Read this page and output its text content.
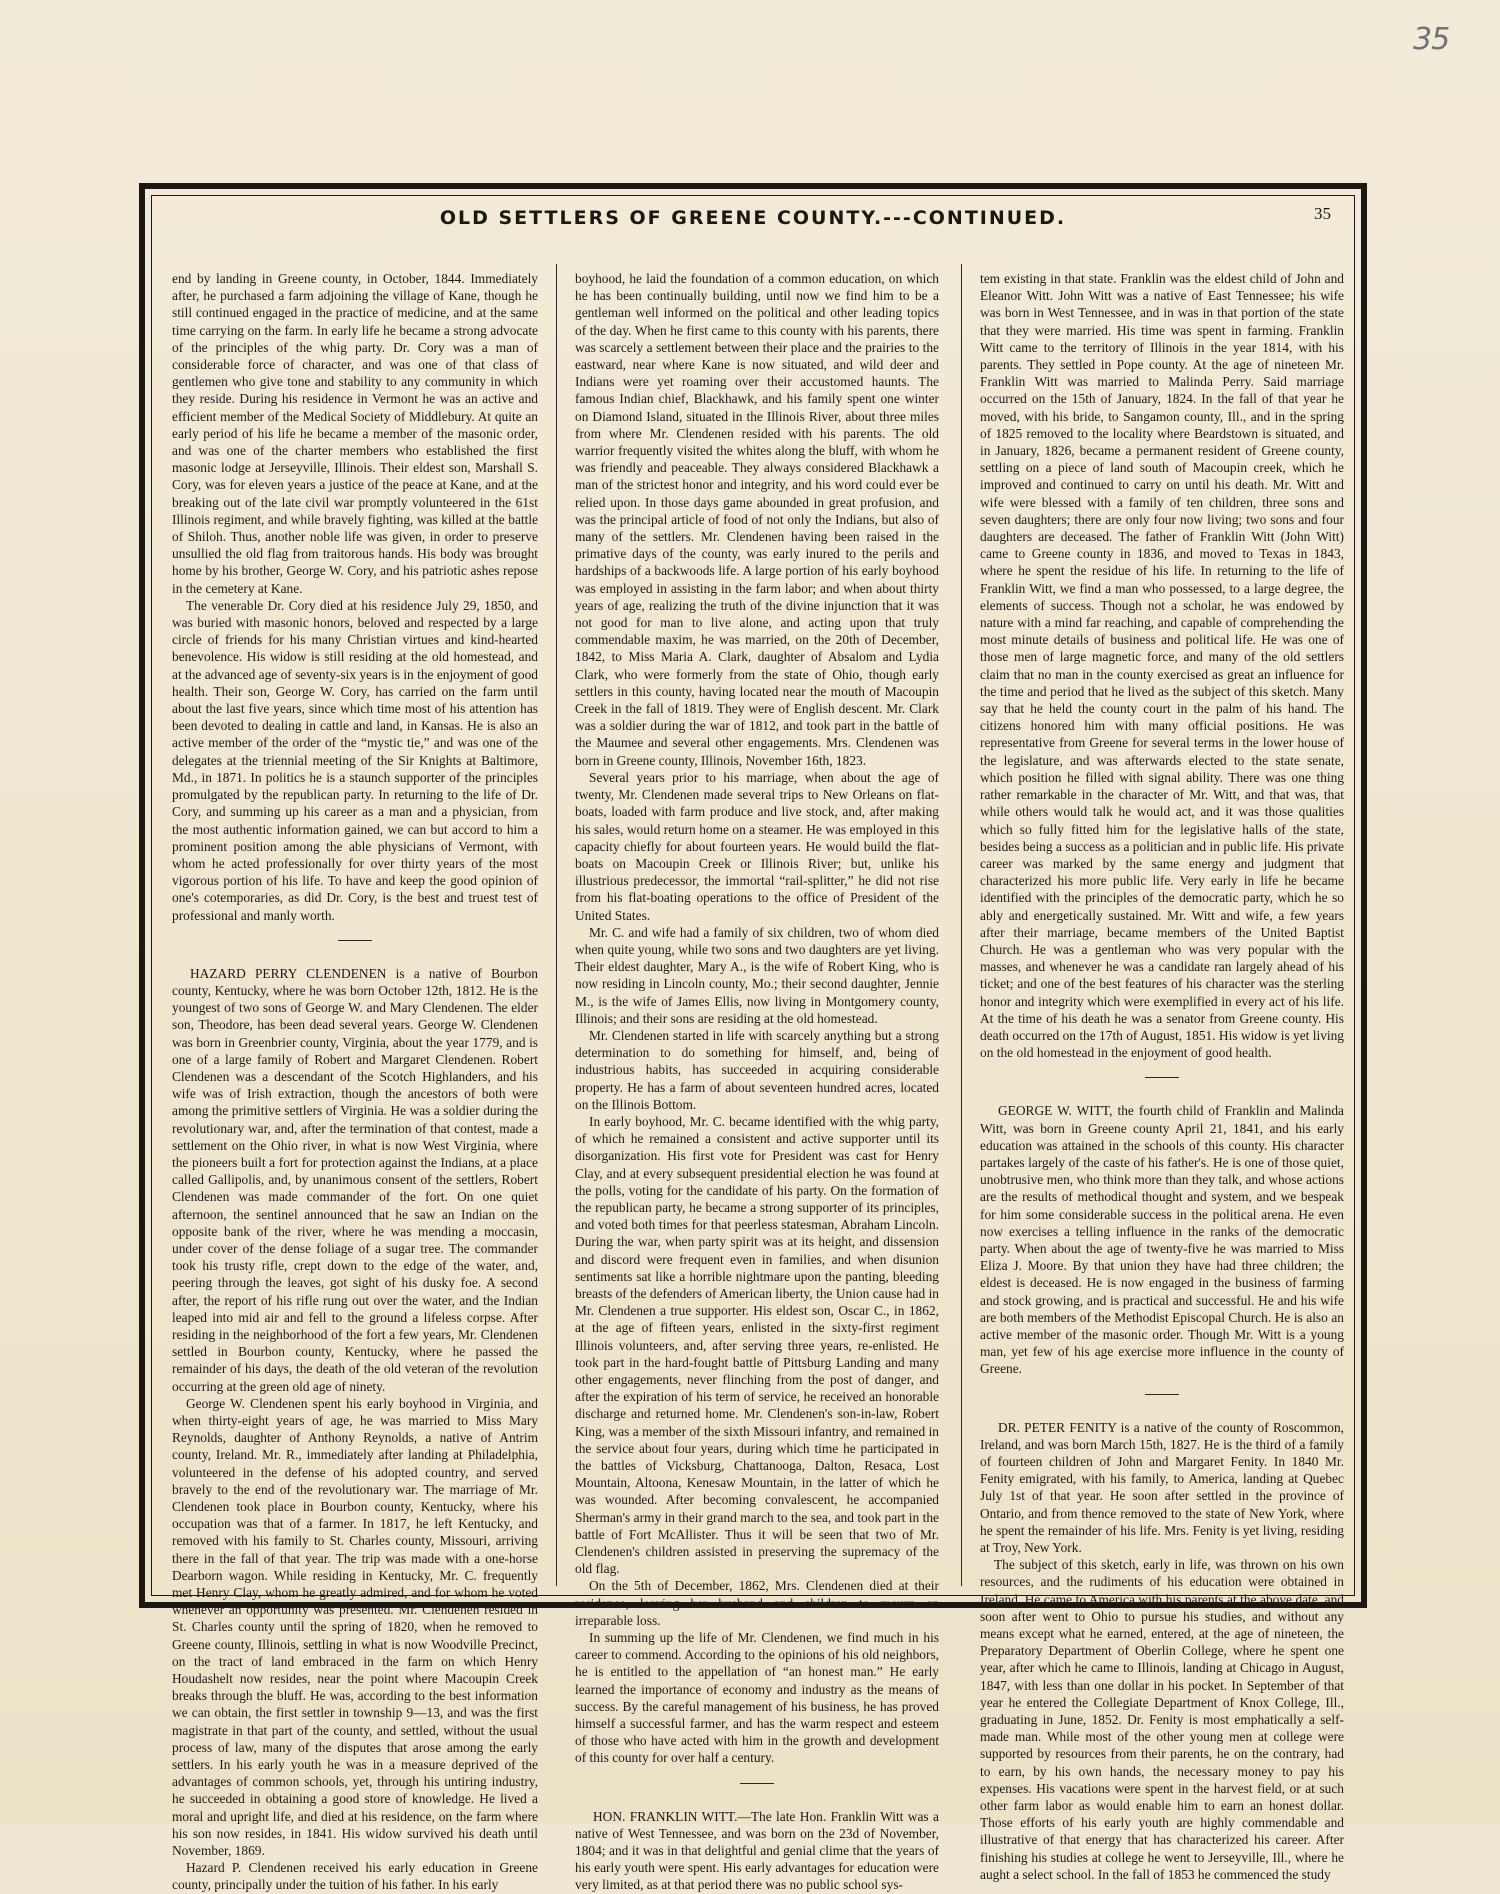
35
OLD SETTLERS OF GREENE COUNTY.---CONTINUED.	35

end by landing in Greene county, in October, 1844. Immediately after, he purchased a farm adjoining the village of Kane, though he still continued engaged in the practice of medicine, and at the same time carrying on the farm. In early life he became a strong advocate of the principles of the whig party. Dr. Cory was a man of considerable force of character, and was one of that class of gentlemen who give tone and stability to any community in which they reside. During his residence in Vermont he was an active and efficient member of the Medical Society of Middlebury. At quite an early period of his life he became a member of the masonic order, and was one of the charter members who established the first masonic lodge at Jerseyville, Illinois. Their eldest son, Marshall S. Cory, was for eleven years a justice of the peace at Kane, and at the breaking out of the late civil war promptly volunteered in the 61st Illinois regiment, and while bravely fighting, was killed at the battle of Shiloh. Thus, another noble life was given, in order to preserve unsullied the old flag from traitorous hands. His body was brought home by his brother, George W. Cory, and his patriotic ashes repose in the cemetery at Kane.

The venerable Dr. Cory died at his residence July 29, 1850, and was buried with masonic honors, beloved and respected by a large circle of friends for his many Christian virtues and kind-hearted benevolence. His widow is still residing at the old homestead, and at the advanced age of seventy-six years is in the enjoyment of good health. Their son, George W. Cory, has carried on the farm until about the last five years, since which time most of his attention has been devoted to dealing in cattle and land, in Kansas. He is also an active member of the order of the “mystic tie,” and was one of the delegates at the triennial meeting of the Sir Knights at Baltimore, Md., in 1871. In politics he is a staunch supporter of the principles promulgated by the republican party. In returning to the life of Dr. Cory, and summing up his career as a man and a physician, from the most authentic information gained, we can but accord to him a prominent position among the able physicians of Vermont, with whom he acted professionally for over thirty years of the most vigorous portion of his life. To have and keep the good opinion of one's cotemporaries, as did Dr. Cory, is the best and truest test of professional and manly worth.

HAZARD PERRY CLENDENEN is a native of Bourbon county, Kentucky, where he was born October 12th, 1812. He is the youngest of two sons of George W. and Mary Clendenen. The elder son, Theodore, has been dead several years. George W. Clendenen was born in Greenbrier county, Virginia, about the year 1779, and is one of a large family of Robert and Margaret Clendenen. Robert Clendenen was a descendant of the Scotch Highlanders, and his wife was of Irish extraction, though the ancestors of both were among the primitive settlers of Virginia. He was a soldier during the revolutionary war, and, after the termination of that contest, made a settlement on the Ohio river, in what is now West Virginia, where the pioneers built a fort for protection against the Indians, at a place called Gallipolis, and, by unanimous consent of the settlers, Robert Clendenen was made commander of the fort. On one quiet afternoon, the sentinel announced that he saw an Indian on the opposite bank of the river, where he was mending a moccasin, under cover of the dense foliage of a sugar tree. The commander took his trusty rifle, crept down to the edge of the water, and, peering through the leaves, got sight of his dusky foe. A second after, the report of his rifle rung out over the water, and the Indian leaped into mid air and fell to the ground a lifeless corpse. After residing in the neighborhood of the fort a few years, Mr. Clendenen settled in Bourbon county, Kentucky, where he passed the remainder of his days, the death of the old veteran of the revolution occurring at the green old age of ninety.

George W. Clendenen spent his early boyhood in Virginia, and when thirty-eight years of age, he was married to Miss Mary Reynolds, daughter of Anthony Reynolds, a native of Antrim county, Ireland. Mr. R., immediately after landing at Philadelphia, volunteered in the defense of his adopted country, and served bravely to the end of the revolutionary war. The marriage of Mr. Clendenen took place in Bourbon county, Kentucky, where his occupation was that of a farmer. In 1817, he left Kentucky, and removed with his family to St. Charles county, Missouri, arriving there in the fall of that year. The trip was made with a one-horse Dearborn wagon. While residing in Kentucky, Mr. C. frequently met Henry Clay, whom he greatly admired, and for whom he voted whenever an opportunity was presented. Mr. Clendenen resided in St. Charles county until the spring of 1820, when he removed to Greene county, Illinois, settling in what is now Woodville Precinct, on the tract of land embraced in the farm on which Henry Houdashelt now resides, near the point where Macoupin Creek breaks through the bluff. He was, according to the best information we can obtain, the first settler in township 9—13, and was the first magistrate in that part of the county, and settled, without the usual process of law, many of the disputes that arose among the early settlers. In his early youth he was in a measure deprived of the advantages of common schools, yet, through his untiring industry, he succeeded in obtaining a good store of knowledge. He lived a moral and upright life, and died at his residence, on the farm where his son now resides, in 1841. His widow survived his death until November, 1869.

Hazard P. Clendenen received his early education in Greene county, principally under the tuition of his father. In his early

boyhood, he laid the foundation of a common education, on which he has been continually building, until now we find him to be a gentleman well informed on the political and other leading topics of the day. When he first came to this county with his parents, there was scarcely a settlement between their place and the prairies to the eastward, near where Kane is now situated, and wild deer and Indians were yet roaming over their accustomed haunts. The famous Indian chief, Blackhawk, and his family spent one winter on Diamond Island, situated in the Illinois River, about three miles from where Mr. Clendenen resided with his parents. The old warrior frequently visited the whites along the bluff, with whom he was friendly and peaceable. They always considered Blackhawk a man of the strictest honor and integrity, and his word could ever be relied upon. In those days game abounded in great profusion, and was the principal article of food of not only the Indians, but also of many of the settlers. Mr. Clendenen having been raised in the primative days of the county, was early inured to the perils and hardships of a backwoods life. A large portion of his early boyhood was employed in assisting in the farm labor; and when about thirty years of age, realizing the truth of the divine injunction that it was not good for man to live alone, and acting upon that truly commendable maxim, he was married, on the 20th of December, 1842, to Miss Maria A. Clark, daughter of Absalom and Lydia Clark, who were formerly from the state of Ohio, though early settlers in this county, having located near the mouth of Macoupin Creek in the fall of 1819. They were of English descent. Mr. Clark was a soldier during the war of 1812, and took part in the battle of the Maumee and several other engagements. Mrs. Clendenen was born in Greene county, Illinois, November 16th, 1823.

Several years prior to his marriage, when about the age of twenty, Mr. Clendenen made several trips to New Orleans on flat-boats, loaded with farm produce and live stock, and, after making his sales, would return home on a steamer. He was employed in this capacity chiefly for about fourteen years. He would build the flat-boats on Macoupin Creek or Illinois River; but, unlike his illustrious predecessor, the immortal “rail-splitter,” he did not rise from his flat-boating operations to the office of President of the United States.

Mr. C. and wife had a family of six children, two of whom died when quite young, while two sons and two daughters are yet living. Their eldest daughter, Mary A., is the wife of Robert King, who is now residing in Lincoln county, Mo.; their second daughter, Jennie M., is the wife of James Ellis, now living in Montgomery county, Illinois; and their sons are residing at the old homestead.

Mr. Clendenen started in life with scarcely anything but a strong determination to do something for himself, and, being of industrious habits, has succeeded in acquiring considerable property. He has a farm of about seventeen hundred acres, located on the Illinois Bottom.

In early boyhood, Mr. C. became identified with the whig party, of which he remained a consistent and active supporter until its disorganization. His first vote for President was cast for Henry Clay, and at every subsequent presidential election he was found at the polls, voting for the candidate of his party. On the formation of the republican party, he became a strong supporter of its principles, and voted both times for that peerless statesman, Abraham Lincoln. During the war, when party spirit was at its height, and dissension and discord were frequent even in families, and when disunion sentiments sat like a horrible nightmare upon the panting, bleeding breasts of the defenders of American liberty, the Union cause had in Mr. Clendenen a true supporter. His eldest son, Oscar C., in 1862, at the age of fifteen years, enlisted in the sixty-first regiment Illinois volunteers, and, after serving three years, re-enlisted. He took part in the hard-fought battle of Pittsburg Landing and many other engagements, never flinching from the post of danger, and after the expiration of his term of service, he received an honorable discharge and returned home. Mr. Clendenen's son-in-law, Robert King, was a member of the sixth Missouri infantry, and remained in the service about four years, during which time he participated in the battles of Vicksburg, Chattanooga, Dalton, Resaca, Lost Mountain, Altoona, Kenesaw Mountain, in the latter of which he was wounded. After becoming convalescent, he accompanied Sherman's army in their grand march to the sea, and took part in the battle of Fort McAllister. Thus it will be seen that two of Mr. Clendenen's children assisted in preserving the supremacy of the old flag.

On the 5th of December, 1862, Mrs. Clendenen died at their residence, leaving her husband and children to mourn an irreparable loss.

In summing up the life of Mr. Clendenen, we find much in his career to commend. According to the opinions of his old neighbors, he is entitled to the appellation of “an honest man.” He early learned the importance of economy and industry as the means of success. By the careful management of his business, he has proved himself a successful farmer, and has the warm respect and esteem of those who have acted with him in the growth and development of this county for over half a century.

HON. FRANKLIN WITT.—The late Hon. Franklin Witt was a native of West Tennessee, and was born on the 23d of November, 1804; and it was in that delightful and genial clime that the years of his early youth were spent. His early advantages for education were very limited, as at that period there was no public school sys-

tem existing in that state. Franklin was the eldest child of John and Eleanor Witt. John Witt was a native of East Tennessee; his wife was born in West Tennessee, and in was in that portion of the state that they were married. His time was spent in farming. Franklin Witt came to the territory of Illinois in the year 1814, with his parents. They settled in Pope county. At the age of nineteen Mr. Franklin Witt was married to Malinda Perry. Said marriage occurred on the 15th of January, 1824. In the fall of that year he moved, with his bride, to Sangamon county, Ill., and in the spring of 1825 removed to the locality where Beardstown is situated, and in January, 1826, became a permanent resident of Greene county, settling on a piece of land south of Macoupin creek, which he improved and continued to carry on until his death. Mr. Witt and wife were blessed with a family of ten children, three sons and seven daughters; there are only four now living; two sons and four daughters are deceased. The father of Franklin Witt (John Witt) came to Greene county in 1836, and moved to Texas in 1843, where he spent the residue of his life. In returning to the life of Franklin Witt, we find a man who possessed, to a large degree, the elements of success. Though not a scholar, he was endowed by nature with a mind far reaching, and capable of comprehending the most minute details of business and political life. He was one of those men of large magnetic force, and many of the old settlers claim that no man in the county exercised as great an influence for the time and period that he lived as the subject of this sketch. Many say that he held the county court in the palm of his hand. The citizens honored him with many official positions. He was representative from Greene for several terms in the lower house of the legislature, and was afterwards elected to the state senate, which position he filled with signal ability. There was one thing rather remarkable in the character of Mr. Witt, and that was, that while others would talk he would act, and it was those qualities which so fully fitted him for the legislative halls of the state, besides being a success as a politician and in public life. His private career was marked by the same energy and judgment that characterized his more public life. Very early in life he became identified with the principles of the democratic party, which he so ably and energetically sustained. Mr. Witt and wife, a few years after their marriage, became members of the United Baptist Church. He was a gentleman who was very popular with the masses, and whenever he was a candidate ran largely ahead of his ticket; and one of the best features of his character was the sterling honor and integrity which were exemplified in every act of his life. At the time of his death he was a senator from Greene county. His death occurred on the 17th of August, 1851. His widow is yet living on the old homestead in the enjoyment of good health.

GEORGE W. WITT, the fourth child of Franklin and Malinda Witt, was born in Greene county April 21, 1841, and his early education was attained in the schools of this county. His character partakes largely of the caste of his father's. He is one of those quiet, unobtrusive men, who think more than they talk, and whose actions are the results of methodical thought and system, and we bespeak for him some considerable success in the political arena. He even now exercises a telling influence in the ranks of the democratic party. When about the age of twenty-five he was married to Miss Eliza J. Moore. By that union they have had three children; the eldest is deceased. He is now engaged in the business of farming and stock growing, and is practical and successful. He and his wife are both members of the Methodist Episcopal Church. He is also an active member of the masonic order. Though Mr. Witt is a young man, yet few of his age exercise more influence in the county of Greene.

DR. PETER FENITY is a native of the county of Roscommon, Ireland, and was born March 15th, 1827. He is the third of a family of fourteen children of John and Margaret Fenity. In 1840 Mr. Fenity emigrated, with his family, to America, landing at Quebec July 1st of that year. He soon after settled in the province of Ontario, and from thence removed to the state of New York, where he spent the remainder of his life. Mrs. Fenity is yet living, residing at Troy, New York.

The subject of this sketch, early in life, was thrown on his own resources, and the rudiments of his education were obtained in Ireland. He came to America with his parents at the above date, and soon after went to Ohio to pursue his studies, and without any means except what he earned, entered, at the age of nineteen, the Preparatory Department of Oberlin College, where he spent one year, after which he came to Illinois, landing at Chicago in August, 1847, with less than one dollar in his pocket. In September of that year he entered the Collegiate Department of Knox College, Ill., graduating in June, 1852. Dr. Fenity is most emphatically a self-made man. While most of the other young men at college were supported by resources from their parents, he on the contrary, had to earn, by his own hands, the necessary money to pay his expenses. His vacations were spent in the harvest field, or at such other farm labor as would enable him to earn an honest dollar. Those efforts of his early youth are highly commendable and illustrative of that energy that has characterized his career. After finishing his studies at college he went to Jerseyville, Ill., where he aught a select school. In the fall of 1853 he commenced the study
